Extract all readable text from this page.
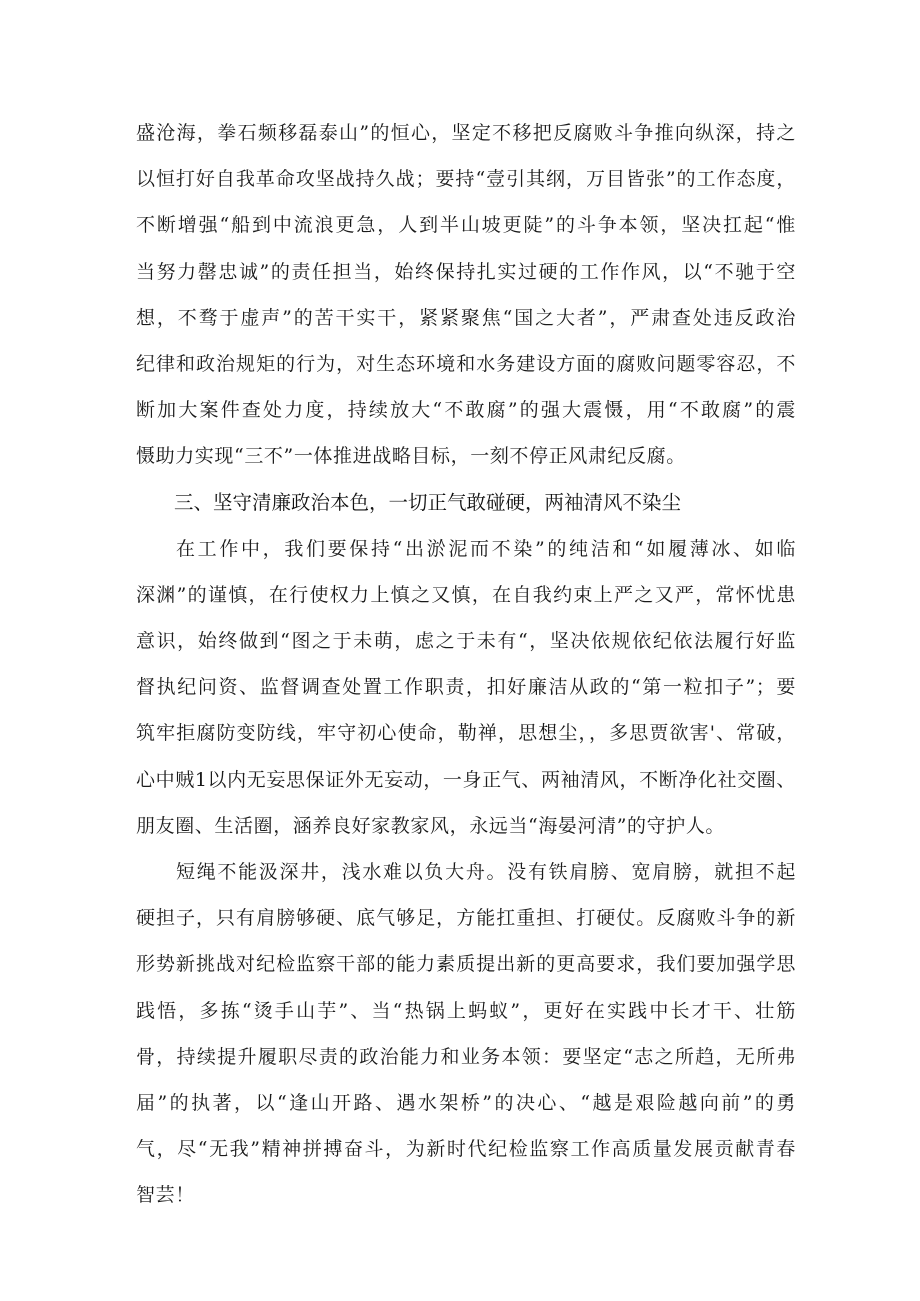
盛沧海，拳石频移磊泰山”的恒心，坚定不移把反腐败斗争推向纵深，持之
以恒打好自我革命攻坚战持久战；要持“壹引其纲，万目皆张”的工作态度，
不断增强“船到中流浪更急，人到半山坡更陡”的斗争本领，坚决扛起“惟
当努力罄忠诚”的责任担当，始终保持扎实过硬的工作作风，以“不驰于空
想，不骛于虚声”的苦干实干，紧紧聚焦“国之大者”，严肃查处违反政治
纪律和政治规矩的行为，对生态环境和水务建设方面的腐败问题零容忍，不
断加大案件查处力度，持续放大“不敢腐”的强大震慑，用“不敢腐”的震
慑助力实现“三不”一体推进战略目标，一刻不停正风肃纪反腐。
三、坚守清廉政治本色，一切正气敢碰硬，两袖清风不染尘
在工作中，我们要保持“出淤泥而不染”的纯洁和“如履薄冰、如临
深渊”的谨慎，在行使权力上慎之又慎，在自我约束上严之又严，常怀忧患
意识，始终做到“图之于未萌，虑之于未有“，坚决依规依纪依法履行好监
督执纪问资、监督调查处置工作职责，扣好廉洁从政的“第一粒扣子”；要
筑牢拒腐防变防线，牢守初心使命，勒禅，思想尘，，多思贾欲害'、常破，
心中贼1以内无妄思保证外无妄动，一身正气、两袖清风，不断净化社交圈、
朋友圈、生活圈，涵养良好家教家风，永远当“海晏河清”的守护人。
短绳不能汲深井，浅水难以负大舟。没有铁肩膀、宽肩膀，就担不起
硬担子，只有肩膀够硬、底气够足，方能扛重担、打硬仗。反腐败斗争的新
形势新挑战对纪检监察干部的能力素质提出新的更高要求，我们要加强学思
践悟，多拣“烫手山芋”、当“热锅上蚂蚁”，更好在实践中长才干、壮筋
骨，持续提升履职尽责的政治能力和业务本领：要坚定“志之所趋，无所弗
届”的执著，以“逢山开路、遇水架桥”的决心、“越是艰险越向前”的勇
气，尽“无我”精神拼搏奋斗，为新时代纪检监察工作高质量发展贡献青春
智芸！
